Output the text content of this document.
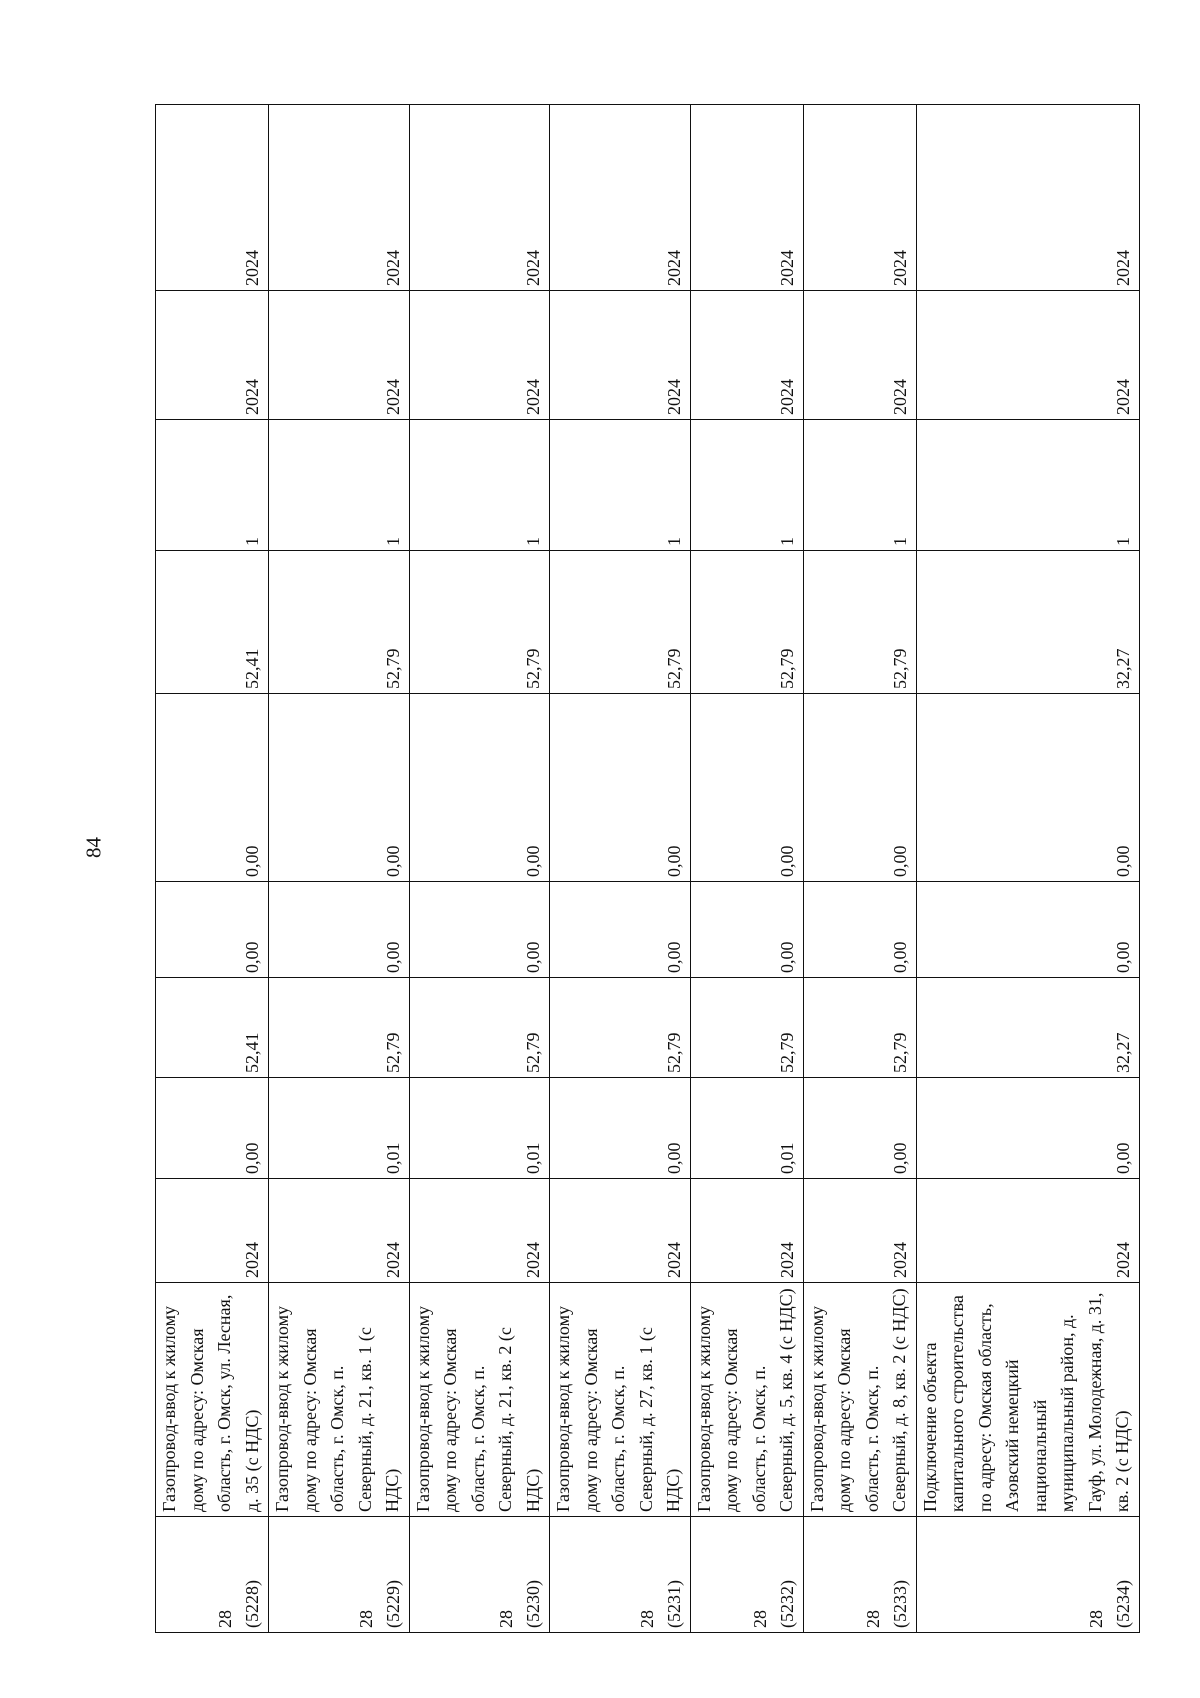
84
28 (5228)	Газопровод-ввод к жилому дому по адресу: Омская область, г. Омск, ул. Лесная, д. 35 (с НДС)	2024	0,00	52,41	0,00	0,00	52,41	1	2024	2024
28 (5229)	Газопровод-ввод к жилому дому по адресу: Омская область, г. Омск, п. Северный, д. 21, кв. 1 (с НДС)	2024	0,01	52,79	0,00	0,00	52,79	1	2024	2024
28 (5230)	Газопровод-ввод к жилому дому по адресу: Омская область, г. Омск, п. Северный, д. 21, кв. 2 (с НДС)	2024	0,01	52,79	0,00	0,00	52,79	1	2024	2024
28 (5231)	Газопровод-ввод к жилому дому по адресу: Омская область, г. Омск, п. Северный, д. 27, кв. 1 (с НДС)	2024	0,00	52,79	0,00	0,00	52,79	1	2024	2024
28 (5232)	Газопровод-ввод к жилому дому по адресу: Омская область, г. Омск, п. Северный, д. 5, кв. 4 (с НДС)	2024	0,01	52,79	0,00	0,00	52,79	1	2024	2024
28 (5233)	Газопровод-ввод к жилому дому по адресу: Омская область, г. Омск, п. Северный, д. 8, кв. 2 (с НДС)	2024	0,00	52,79	0,00	0,00	52,79	1	2024	2024
28 (5234)	Подключение объекта капитального строительства по адресу: Омская область, Азовский немецкий национальный муниципальный район, д. Гауф, ул. Молодежная, д. 31, кв. 2 (с НДС)	2024	0,00	32,27	0,00	0,00	32,27	1	2024	2024
